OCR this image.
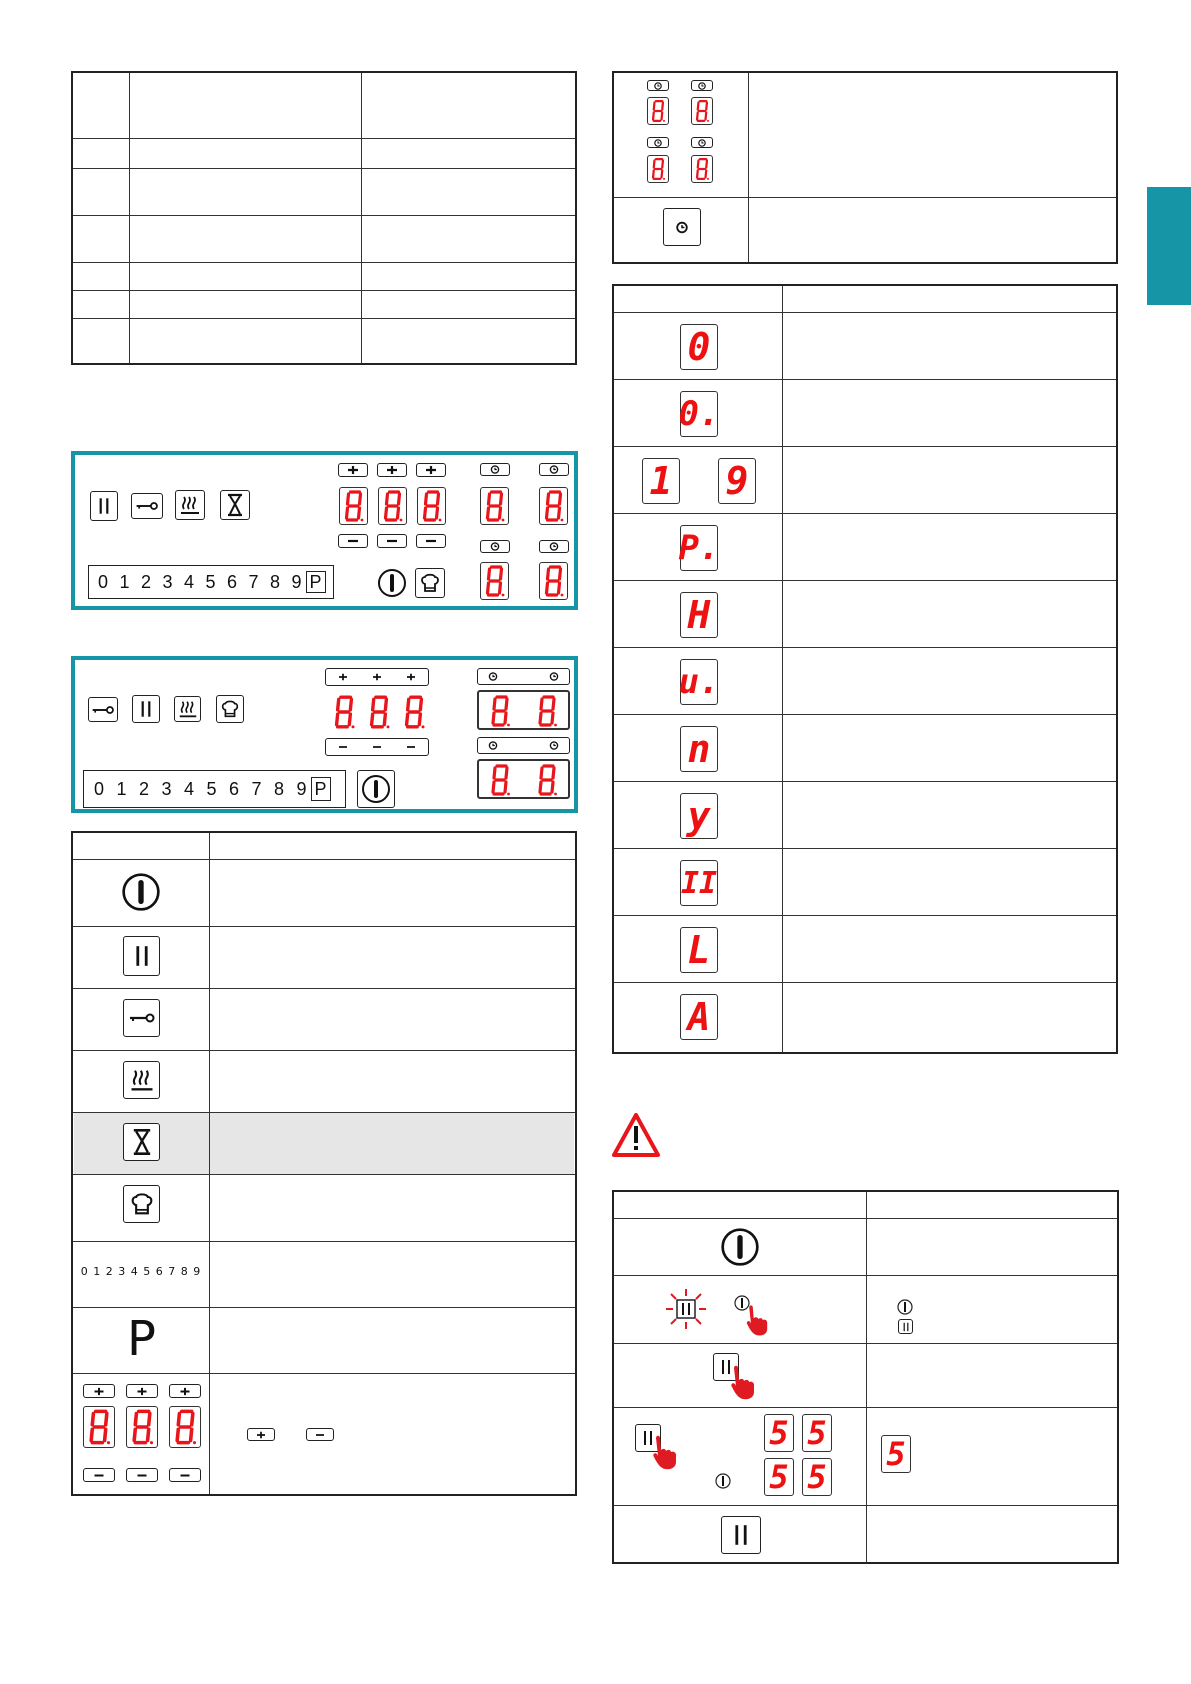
0 1 2 3 4 5 6 7 8 9 P
0 1 2 3 4 5 6 7 8 9 P
0 1 2 3 4 5 6 7 8 9
P
0
0.
1 9
P.
H
u.
n
y
II
L
A
5 5
5 5
5
